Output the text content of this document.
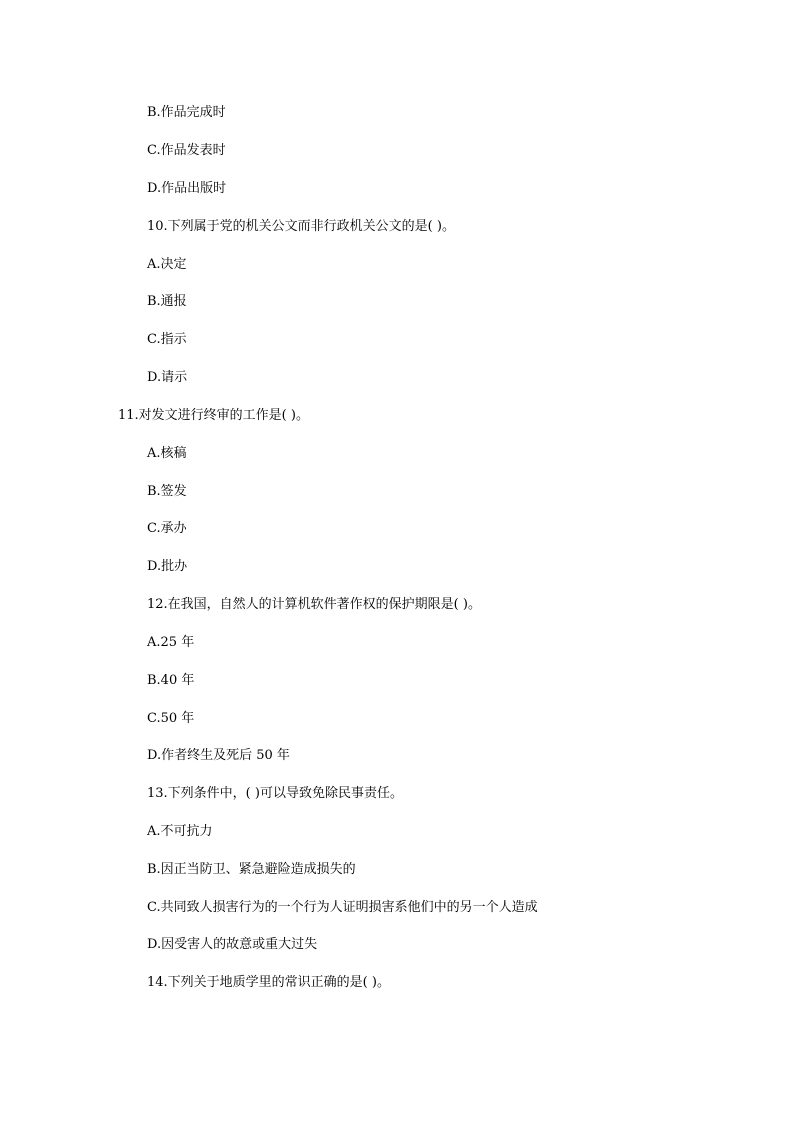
B.作品完成时
C.作品发表时
D.作品出版时
10.下列属于党的机关公文而非行政机关公文的是( )。
A.决定
B.通报
C.指示
D.请示
11.对发文进行终审的工作是( )。
A.核稿
B.签发
C.承办
D.批办
12.在我国，自然人的计算机软件著作权的保护期限是( )。
A.25 年
B.40 年
C.50 年
D.作者终生及死后 50 年
13.下列条件中，( )可以导致免除民事责任。
A.不可抗力
B.因正当防卫、紧急避险造成损失的
C.共同致人损害行为的一个行为人证明损害系他们中的另一个人造成
D.因受害人的故意或重大过失
14.下列关于地质学里的常识正确的是( )。
